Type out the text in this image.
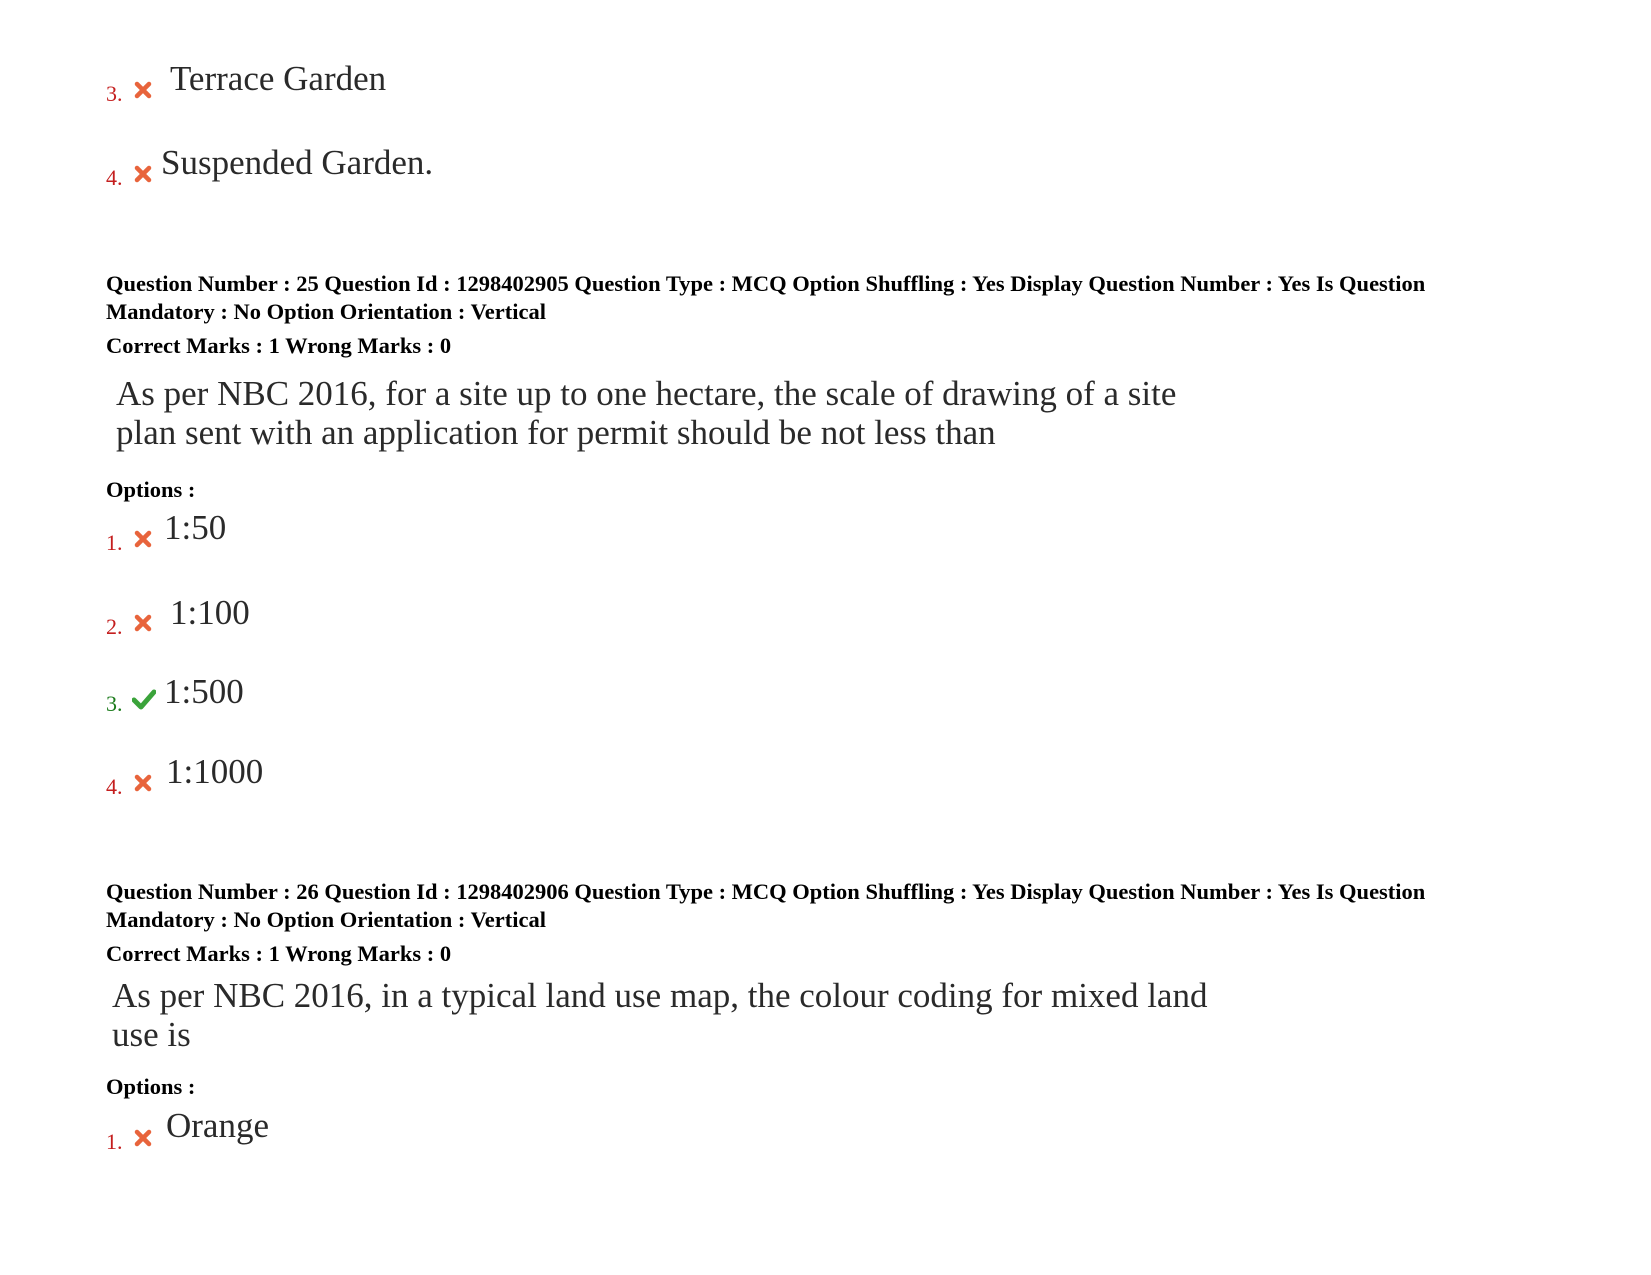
3. Terrace Garden
4. Suspended Garden.
Question Number : 25 Question Id : 1298402905 Question Type : MCQ Option Shuffling : Yes Display Question Number : Yes Is Question Mandatory : No Option Orientation : Vertical
Correct Marks : 1 Wrong Marks : 0
As per NBC 2016, for a site up to one hectare, the scale of drawing of a site
plan sent with an application for permit should be not less than
Options :
1. 1:50
2. 1:100
3. 1:500
4. 1:1000
Question Number : 26 Question Id : 1298402906 Question Type : MCQ Option Shuffling : Yes Display Question Number : Yes Is Question Mandatory : No Option Orientation : Vertical
Correct Marks : 1 Wrong Marks : 0
As per NBC 2016, in a typical land use map, the colour coding for mixed land
use is
Options :
1. Orange
